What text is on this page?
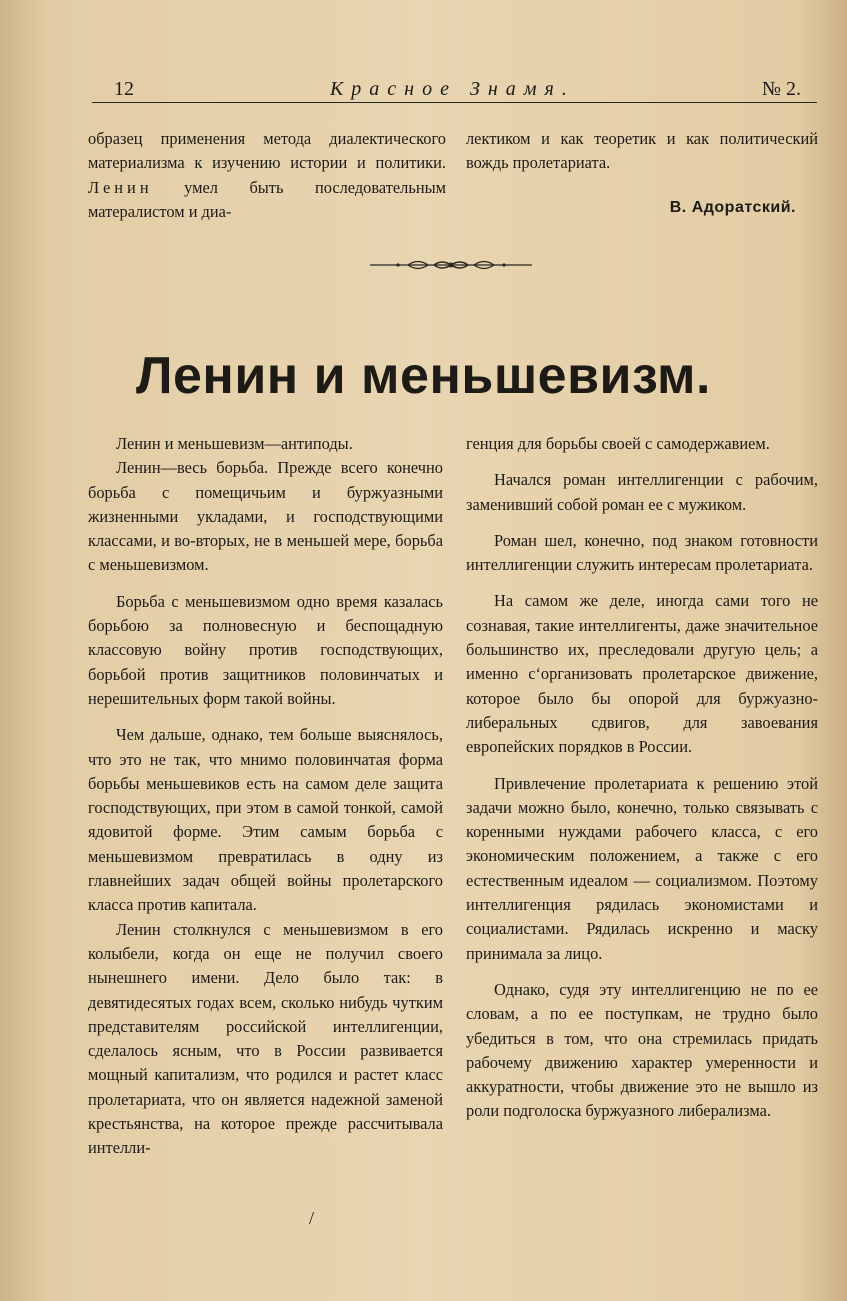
12	Красное Знамя.	№ 2.

образец применения метода диалектического материализма к изучению истории и политики. Ленин умел быть последовательным матералистом и диа-

лектиком и как теоретик и как политический вождь пролетариата.

В. Адоратский.

Ленин и меньшевизм.

Ленин и меньшевизм—антиподы.

Ленин—весь борьба. Прежде всего конечно борьба с помещичьим и буржуазными жизненными укладами, и господствующими классами, и во-вторых, не в меньшей мере, борьба с меньшевизмом.

Борьба с меньшевизмом одно время казалась борьбою за полновесную и беспощадную классовую войну против господствующих, борьбой против защитников половинчатых и нерешительных форм такой войны.

Чем дальше, однако, тем больше выяснялось, что это не так, что мнимо половинчатая форма борьбы меньшевиков есть на самом деле защита господствующих, при этом в самой тонкой, самой ядовитой форме. Этим самым борьба с меньшевизмом превратилась в одну из главнейших задач общей войны пролетарского класса против капитала.

Ленин столкнулся с меньшевизмом в его колыбели, когда он еще не получил своего нынешнего имени. Дело было так: в девятидесятых годах всем, сколько нибудь чутким представителям российской интеллигенции, сделалось ясным, что в России развивается мощный капитализм, что родился и растет класс пролетариата, что он является надежной заменой крестьянства, на которое прежде рассчитывала интелли-

генция для борьбы своей с самодержавием.

Начался роман интеллигенции с рабочим, заменивший собой роман ее с мужиком.

Роман шел, конечно, под знаком готовности интеллигенции служить интересам пролетариата.

На самом же деле, иногда сами того не сознавая, такие интеллигенты, даже значительное большинство их, преследовали другую цель; а именно с‘организовать пролетарское движение, которое было бы опорой для буржуазно-либеральных сдвигов, для завоевания европейских порядков в России.

Привлечение пролетариата к решению этой задачи можно было, конечно, только связывать с коренными нуждами рабочего класса, с его экономическим положением, а также с его естественным идеалом — социализмом. Поэтому интеллигенция рядилась экономистами и социалистами. Рядилась искренно и маску принимала за лицо.

Однако, судя эту интеллигенцию не по ее словам, а по ее поступкам, не трудно было убедиться в том, что она стремилась придать рабочему движению характер умеренности и аккуратности, чтобы движение это не вышло из роли подголоска буржуазного либерализма.

/
